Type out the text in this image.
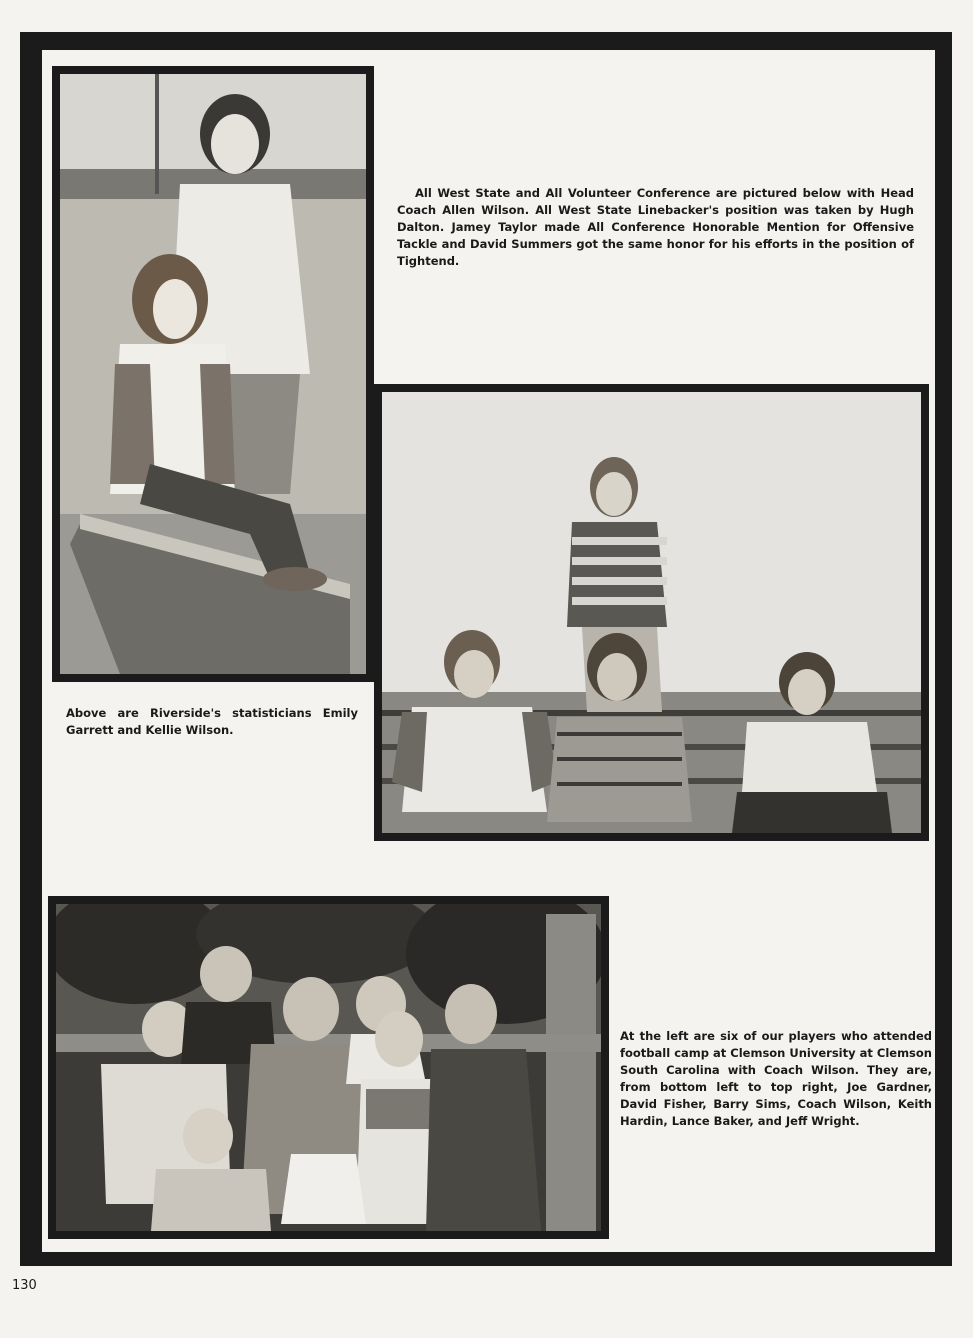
All West State and All Volunteer Conference are pictured below with Head Coach Allen Wilson. All West State Linebacker's position was taken by Hugh Dalton. Jamey Taylor made All Conference Honorable Mention for Offensive Tackle and David Summers got the same honor for his efforts in the position of Tightend.
Above are Riverside's statisticians Emily Garrett and Kellie Wilson.
At the left are six of our players who attended football camp at Clemson University at Clemson South Carolina with Coach Wilson. They are, from bottom left to top right, Joe Gardner, David Fisher, Barry Sims, Coach Wilson, Keith Hardin, Lance Baker, and Jeff Wright.
130
